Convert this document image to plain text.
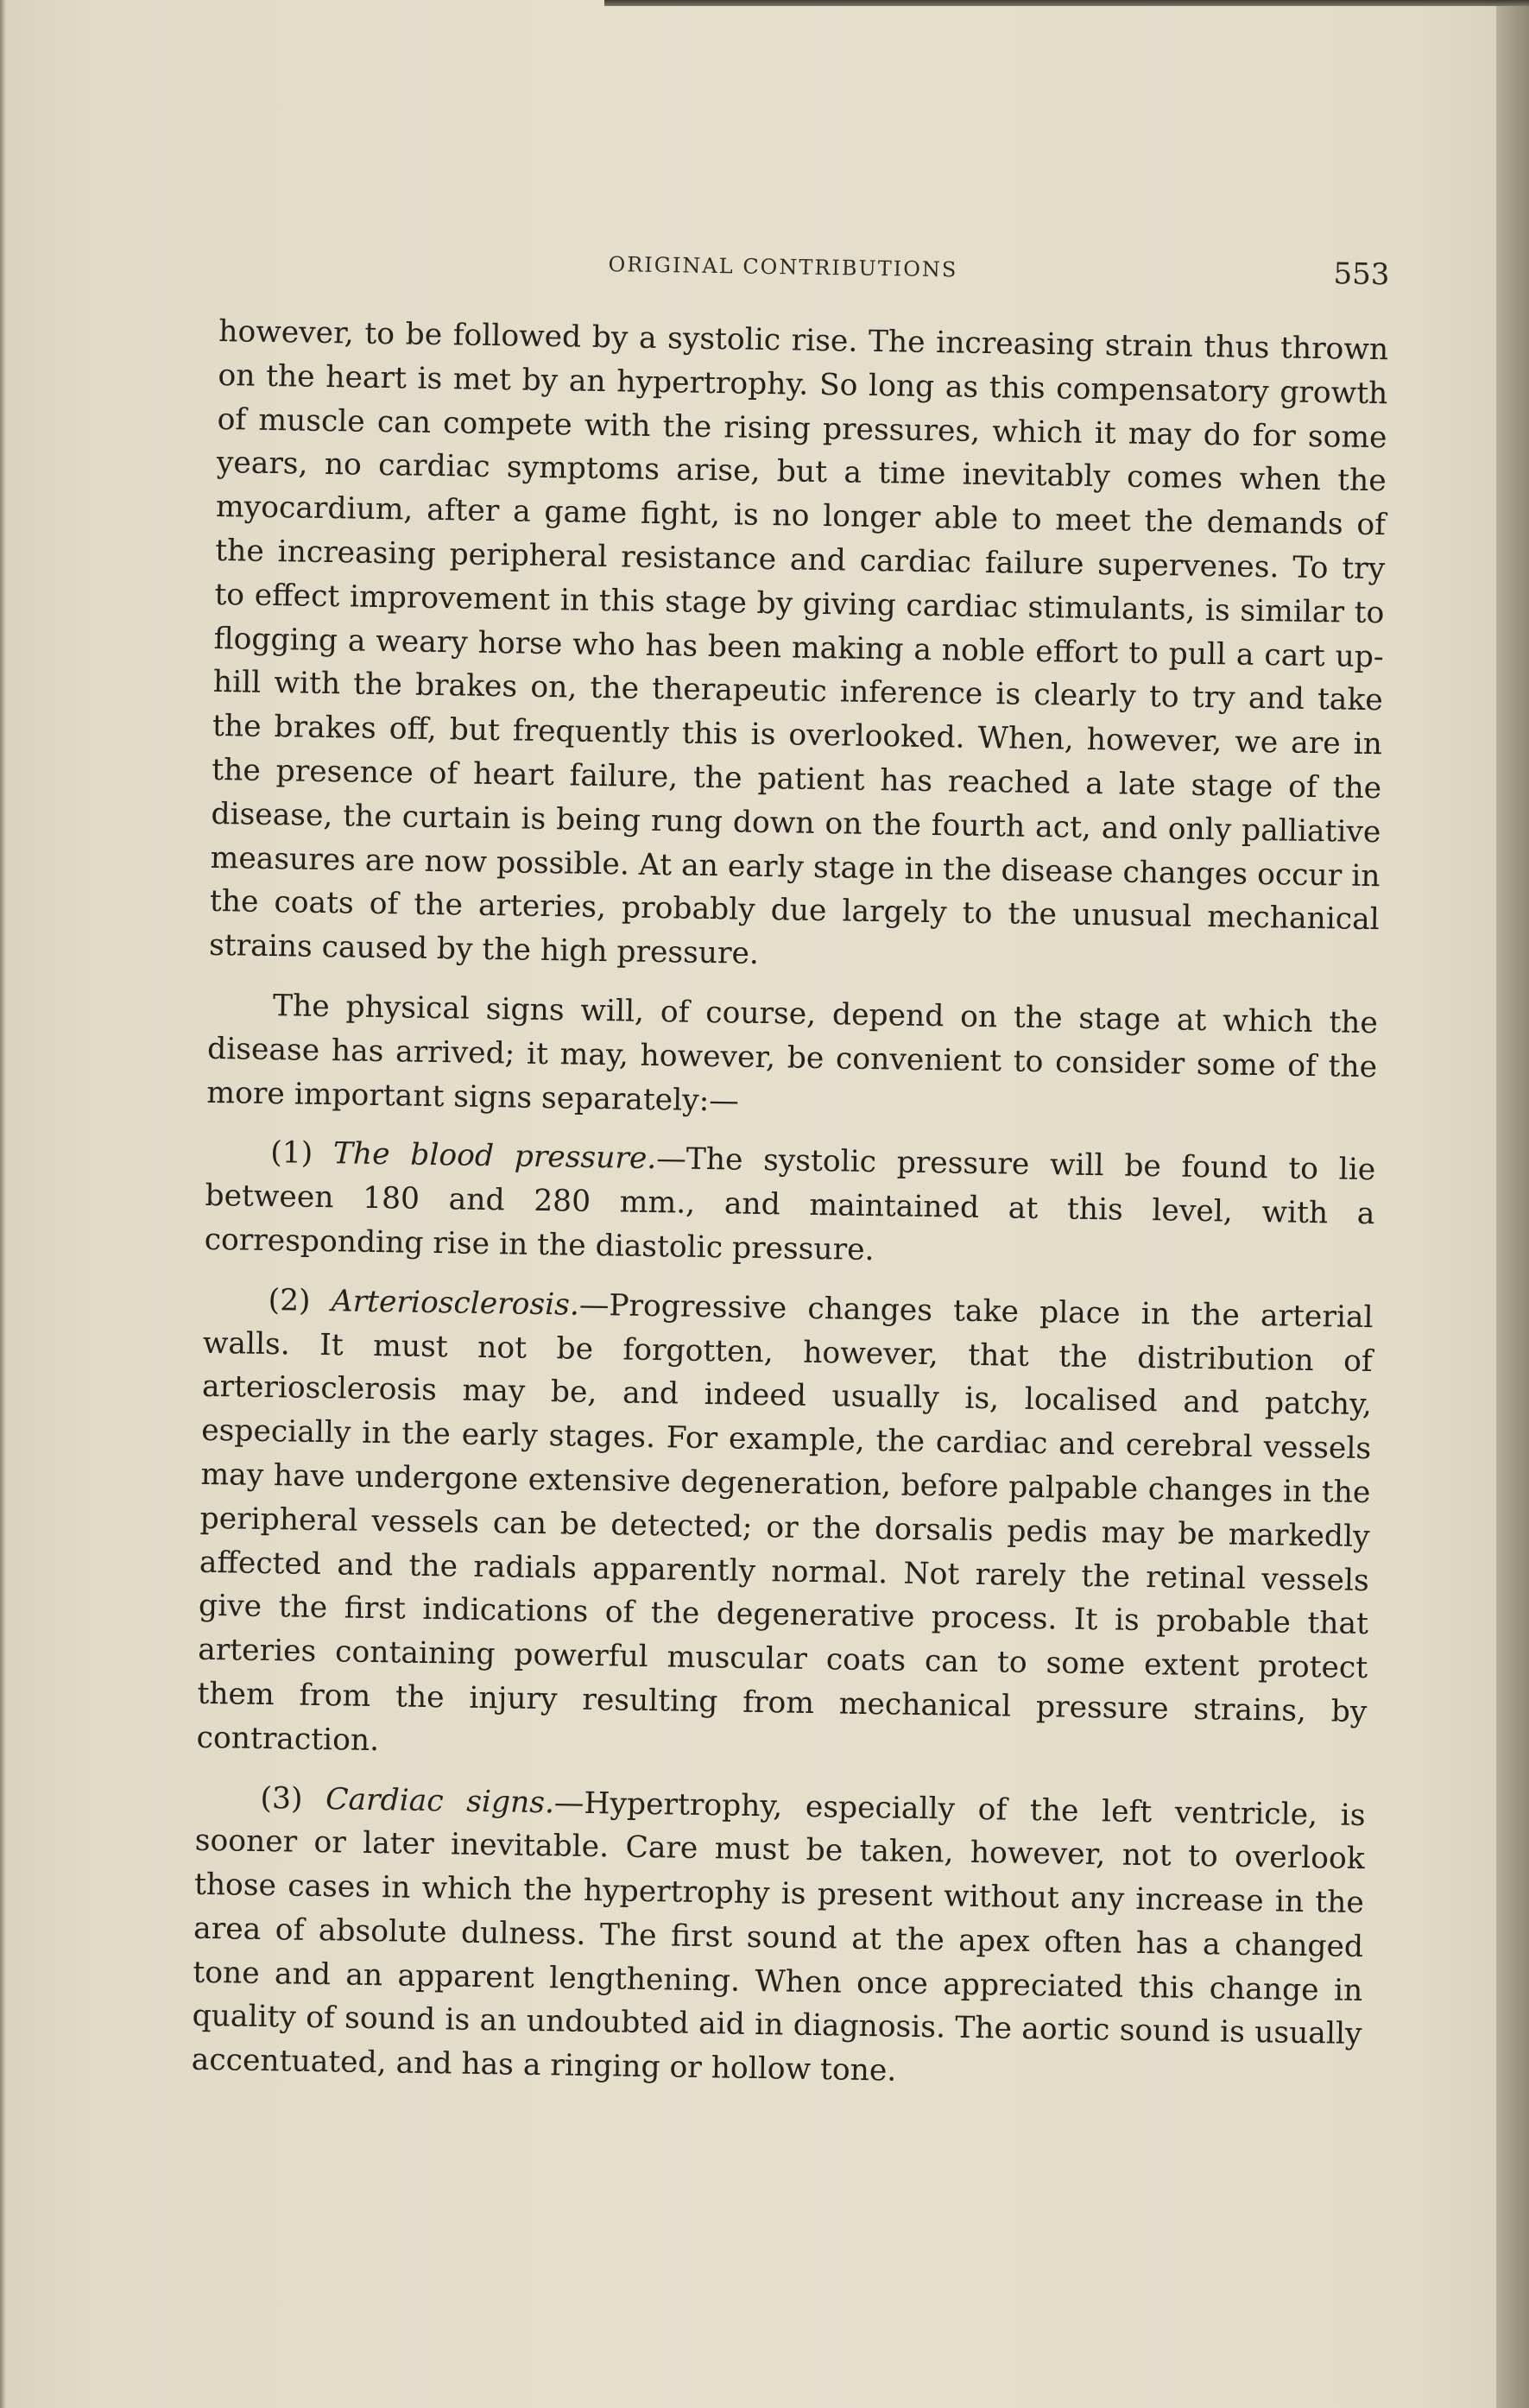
ORIGINAL CONTRIBUTIONS	553

however, to be followed by a systolic rise. The increasing strain thus thrown on the heart is met by an hypertrophy. So long as this compensatory growth of muscle can compete with the rising pressures, which it may do for some years, no cardiac symptoms arise, but a time inevitably comes when the myocardium, after a game fight, is no longer able to meet the demands of the increasing peripheral resistance and cardiac failure supervenes. To try to effect improvement in this stage by giving cardiac stimulants, is similar to flogging a weary horse who has been making a noble effort to pull a cart up-hill with the brakes on, the therapeutic inference is clearly to try and take the brakes off, but frequently this is overlooked. When, however, we are in the presence of heart failure, the patient has reached a late stage of the disease, the curtain is being rung down on the fourth act, and only palliative measures are now possible. At an early stage in the disease changes occur in the coats of the arteries, probably due largely to the unusual mechanical strains caused by the high pressure.

The physical signs will, of course, depend on the stage at which the disease has arrived; it may, however, be convenient to consider some of the more important signs separately:—

(1) The blood pressure.—The systolic pressure will be found to lie between 180 and 280 mm., and maintained at this level, with a corresponding rise in the diastolic pressure.

(2) Arteriosclerosis.—Progressive changes take place in the arterial walls. It must not be forgotten, however, that the distribution of arteriosclerosis may be, and indeed usually is, localised and patchy, especially in the early stages. For example, the cardiac and cerebral vessels may have undergone extensive degeneration, before palpable changes in the peripheral vessels can be detected; or the dorsalis pedis may be markedly affected and the radials apparently normal. Not rarely the retinal vessels give the first indications of the degenerative process. It is probable that arteries containing powerful muscular coats can to some extent protect them from the injury resulting from mechanical pressure strains, by contraction.

(3) Cardiac signs.—Hypertrophy, especially of the left ventricle, is sooner or later inevitable. Care must be taken, however, not to overlook those cases in which the hypertrophy is present without any increase in the area of absolute dulness. The first sound at the apex often has a changed tone and an apparent lengthening. When once appreciated this change in quality of sound is an undoubted aid in diagnosis. The aortic sound is usually accentuated, and has a ringing or hollow tone.
